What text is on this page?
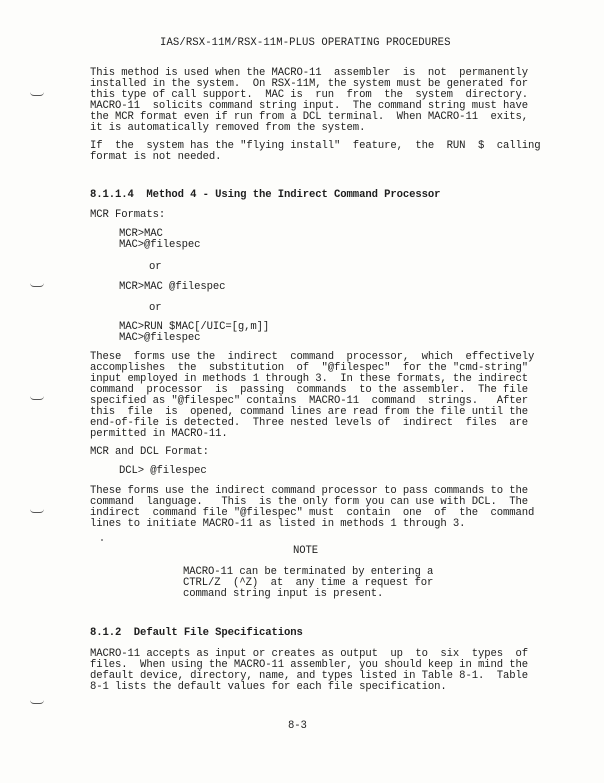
IAS/RSX-11M/RSX-11M-PLUS OPERATING PROCEDURES
This method is used when the MACRO-11  assembler  is  not  permanently
installed in the system.  On RSX-11M, the system must be generated for
this type of call support.  MAC is  run  from  the  system  directory.
MACRO-11  solicits command string input.  The command string must have
the MCR format even if run from a DCL terminal.  When MACRO-11  exits,
it is automatically removed from the system.
If  the  system has the "flying install"  feature,  the  RUN  $  calling
format is not needed.
8.1.1.4  Method 4 - Using the Indirect Command Processor
MCR Formats:
MCR>MAC
MAC>@filespec
or
MCR>MAC @filespec
or
MAC>RUN $MAC[/UIC=[g,m]]
MAC>@filespec
These  forms use the  indirect  command  processor,  which  effectively
accomplishes  the  substitution  of  "@filespec"  for the "cmd-string"
input employed in methods 1 through 3.  In these formats, the indirect
command  processor  is  passing  commands  to the assembler.  The file
specified as "@filespec" contains  MACRO-11  command  strings.   After
this  file  is  opened, command lines are read from the file until the
end-of-file is detected.  Three nested levels of  indirect  files  are
permitted in MACRO-11.
MCR and DCL Format:
DCL> @filespec
These forms use the indirect command processor to pass commands to the
command  language.   This  is the only form you can use with DCL.  The
indirect  command file "@filespec" must  contain  one  of  the  command
lines to initiate MACRO-11 as listed in methods 1 through 3.
NOTE
MACRO-11 can be terminated by entering a
CTRL/Z  (^Z)  at  any time a request for
command string input is present.
8.1.2  Default File Specifications
MACRO-11 accepts as input or creates as output  up  to  six  types  of
files.  When using the MACRO-11 assembler, you should keep in mind the
default device, directory, name, and types listed in Table 8-1.  Table
8-1 lists the default values for each file specification.
8-3
